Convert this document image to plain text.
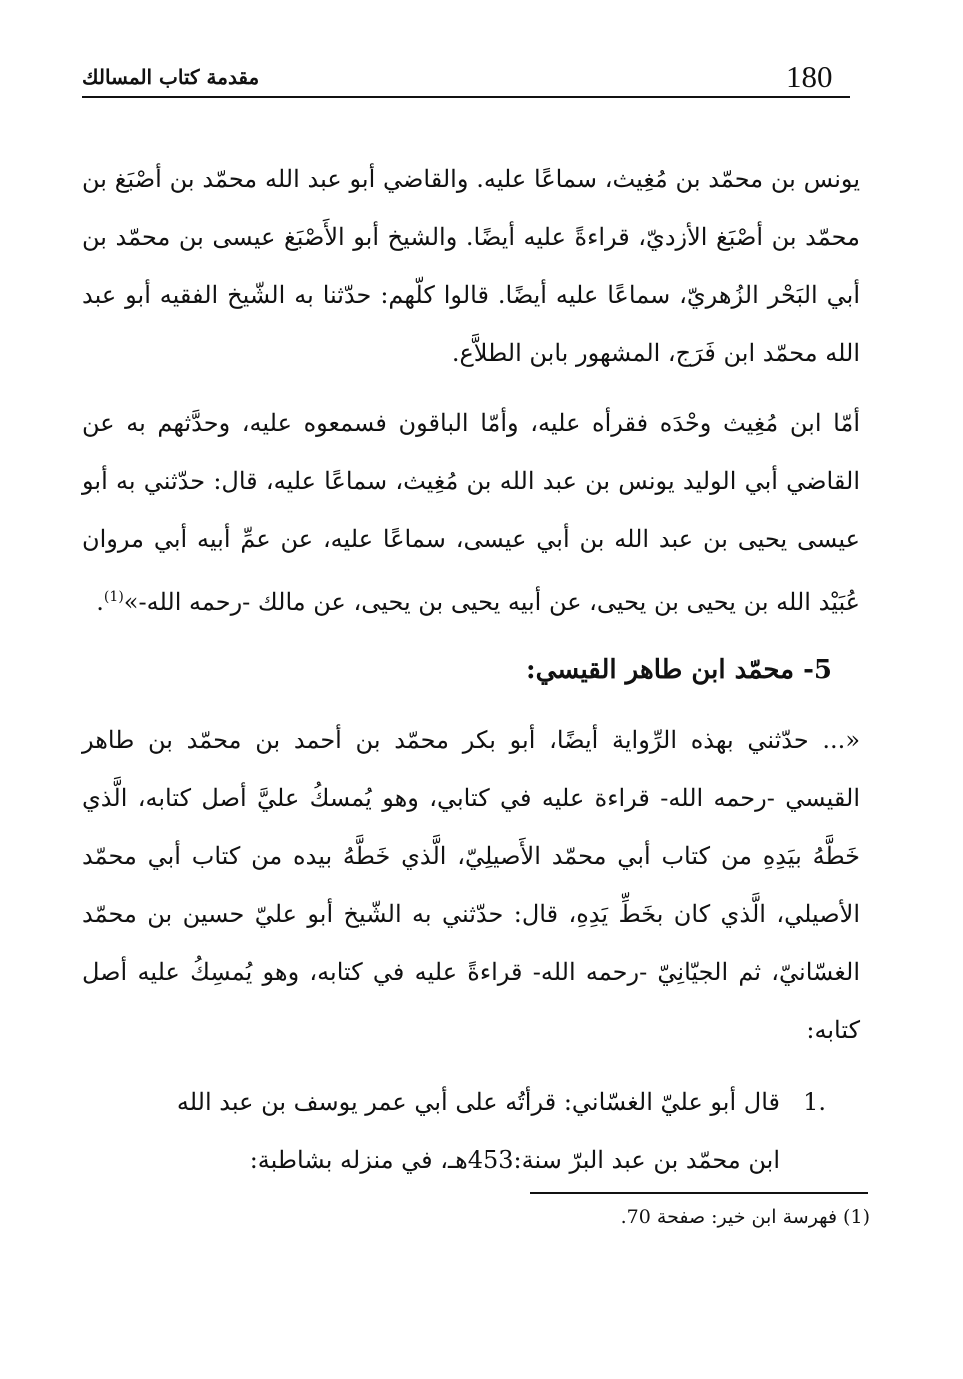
180
مقدمة كتاب المسالك

يونس بن محمّد بن مُغِيث، سماعًا عليه. والقاضي أبو عبد الله محمّد بن أصْبَغ بن محمّد بن أصْبَغ الأزديّ، قراءةً عليه أيضًا. والشيخ أبو الأَصْبَغ عيسى بن محمّد بن أبي البَحْر الزُهريّ، سماعًا عليه أيضًا. قالوا كلّهم: حدّثنا به الشّيخ الفقيه أبو عبد الله محمّد ابن فَرَج، المشهور بابن الطلاَّع.

أمّا ابن مُغِيث وحْدَه فقرأه عليه، وأمّا الباقون فسمعوه عليه، وحدَّثهم به عن القاضي أبي الوليد يونس بن عبد الله بن مُغِيث، سماعًا عليه، قال: حدّثني به أبو عيسى يحيى بن عبد الله بن أبي عيسى، سماعًا عليه، عن عمِّ أبيه أبي مروان عُبَيْد الله بن يحيى بن يحيى، عن أبيه يحيى بن يحيى، عن مالك -رحمه الله-»$^{(1)}$.

5- محمّد ابن طاهر القيسي:

«... حدّثني بهذه الرِّواية أيضًا، أبو بكر محمّد بن أحمد بن محمّد بن طاهر القيسي -رحمه الله- قراءة عليه في كتابي، وهو يُمسكُ عليَّ أصل كتابه، الَّذي خَطَّهُ بيَدِهِ من كتاب أبي محمّد الأَصيلِيّ، الَّذي خَطَّهُ بيده من كتاب أبي محمّد الأصيلي، الَّذي كان بخَطِّ يَدِهِ، قال: حدّثني به الشّيخ أبو عليّ حسين بن محمّد الغسّانيّ، ثم الجيّانِيّ -رحمه الله- قراءةً عليه في كتابه، وهو يُمسِكُ عليه أصل كتابه:

1.
قال أبو عليّ الغسّاني: قرأتُه على أبي عمر يوسف بن عبد الله
ابن محمّد بن عبد البرّ سنة:453هـ، في منزله بشاطبة:
(1) فهرسة ابن خير: صفحة 70.
